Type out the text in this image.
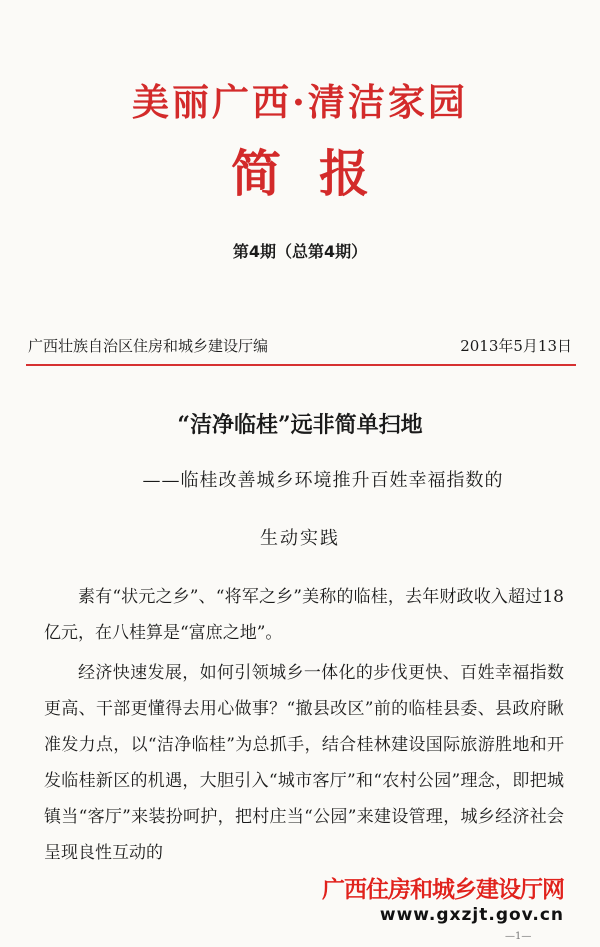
美丽广西·清洁家园
简报
第4期（总第4期）
广西壮族自治区住房和城乡建设厅编	2013年5月13日
“洁净临桂”远非简单扫地
——临桂改善城乡环境推升百姓幸福指数的
生动实践

素有“状元之乡”、“将军之乡”美称的临桂，去年财政收入超过18亿元，在八桂算是“富庶之地”。

经济快速发展，如何引领城乡一体化的步伐更快、百姓幸福指数更高、干部更懂得去用心做事？“撤县改区”前的临桂县委、县政府瞅准发力点，以“洁净临桂”为总抓手，结合桂林建设国际旅游胜地和开发临桂新区的机遇，大胆引入“城市客厅”和“农村公园”理念，即把城镇当“客厅”来装扮呵护，把村庄当“公园”来建设管理，城乡经济社会呈现良性互动的

广西住房和城乡建设厅网
www.gxzjt.gov.cn
—1—
